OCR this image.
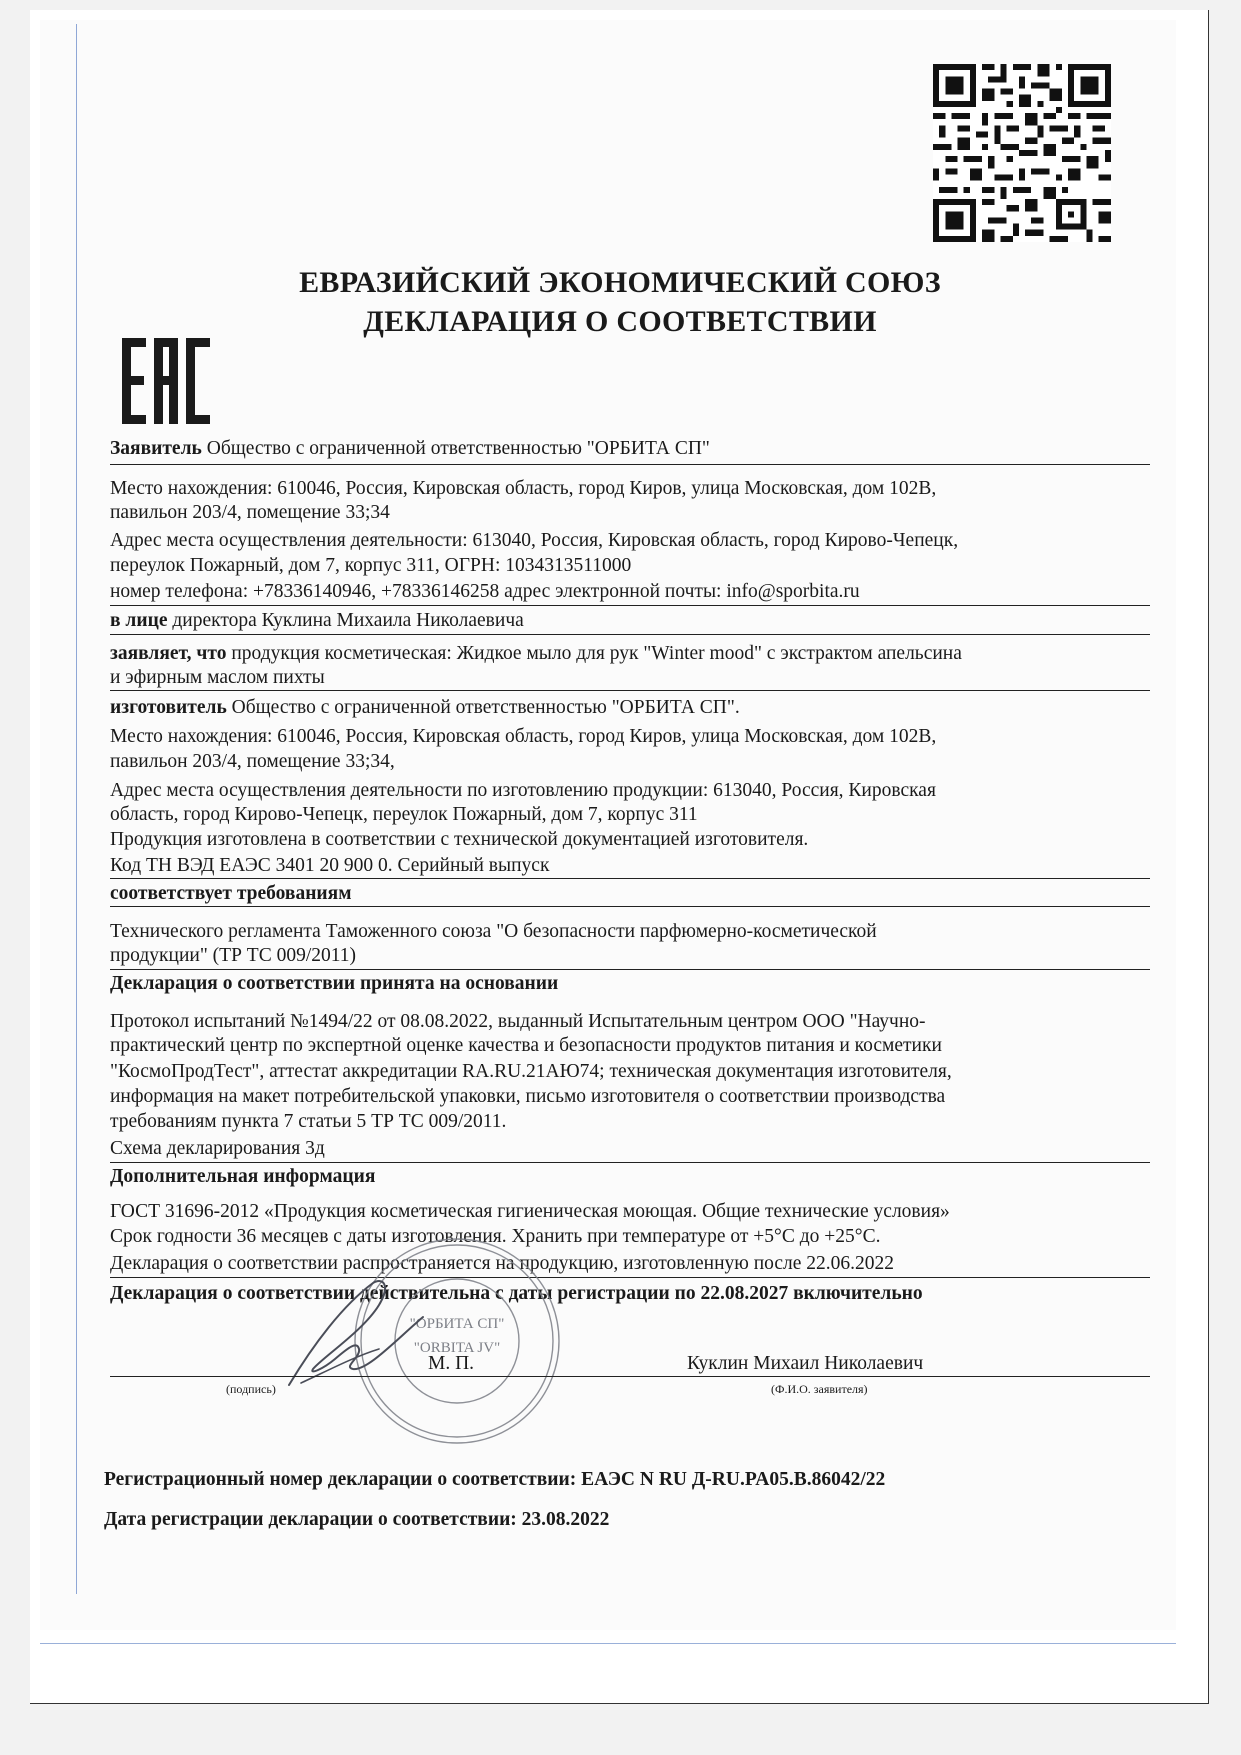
ЕВРАЗИЙСКИЙ ЭКОНОМИЧЕСКИЙ СОЮЗ
ДЕКЛАРАЦИЯ О СООТВЕТСТВИИ
Заявитель Общество с ограниченной ответственностью "ОРБИТА СП"
Место нахождения: 610046, Россия, Кировская область, город Киров, улица Московская, дом 102В,
павильон 203/4, помещение 33;34
Адрес места осуществления деятельности: 613040, Россия, Кировская область, город Кирово-Чепецк,
переулок Пожарный, дом 7, корпус 311, ОГРН: 1034313511000
номер телефона: +78336140946, +78336146258 адрес электронной почты: info@sporbita.ru
в лице директора Куклина Михаила Николаевича
заявляет, что продукция косметическая: Жидкое мыло для рук "Winter mood" с экстрактом апельсина
и эфирным маслом пихты
изготовитель Общество с ограниченной ответственностью "ОРБИТА СП".
Место нахождения: 610046, Россия, Кировская область, город Киров, улица Московская, дом 102В,
павильон 203/4, помещение 33;34,
Адрес места осуществления деятельности по изготовлению продукции: 613040, Россия, Кировская
область, город Кирово-Чепецк, переулок Пожарный, дом 7, корпус 311
Продукция изготовлена в соответствии с технической документацией изготовителя.
Код ТН ВЭД ЕАЭС 3401 20 900 0. Серийный выпуск
соответствует требованиям
Технического регламента Таможенного союза "О безопасности парфюмерно-косметической
продукции" (ТР ТС 009/2011)
Декларация о соответствии принята на основании
Протокол испытаний №1494/22 от 08.08.2022, выданный Испытательным центром ООО "Научно-
практический центр по экспертной оценке качества и безопасности продуктов питания и косметики
"КосмоПродТест", аттестат аккредитации RA.RU.21АЮ74; техническая документация изготовителя,
информация на макет потребительской упаковки, письмо изготовителя о соответствии производства
требованиям пункта 7 статьи 5 ТР ТС 009/2011.
Схема декларирования 3д
Дополнительная информация
ГОСТ 31696-2012 «Продукция косметическая гигиеническая моющая. Общие технические условия»
Срок годности 36 месяцев с даты изготовления. Хранить при температуре от +5°С до +25°С.
Декларация о соответствии распространяется на продукцию, изготовленную после 22.06.2022
Декларация о соответствии действительна с даты регистрации по 22.08.2027 включительно
"ОРБИТА СП"
"ORBITA JV"
М. П.	Куклин Михаил Николаевич
(подпись)	(Ф.И.О. заявителя)
Регистрационный номер декларации о соответствии: ЕАЭС N RU Д-RU.PA05.B.86042/22
Дата регистрации декларации о соответствии: 23.08.2022
